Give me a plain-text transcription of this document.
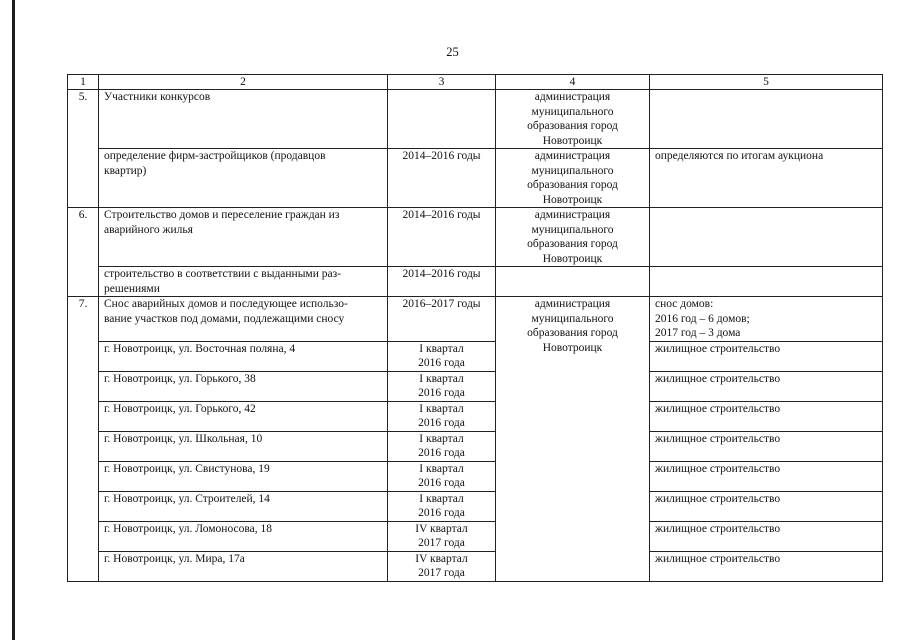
25
1	2	3	4	5
5.	Участники конкурсов		администрация
муниципального
образования город
Новотроицк	

	определение фирм-застройщиков (продавцов
квартир)	2014–2016 годы	администрация
муниципального
образования город
Новотроицк	определяются по итогам аукциона
6.	Строительство домов и переселение граждан из
аварийного жилья	2014–2016 годы	администрация
муниципального
образования город
Новотроицк	

	строительство в соответствии с выданными раз-
решениями	2014–2016 годы		
7.	Снос аварийных домов и последующее использо-
вание участков под домами, подлежащими сносу	2016–2017 годы	администрация
муниципального
образования город
Новотроицк	снос домов:
2016 год – 6 домов;
2017 год – 3 дома

	г. Новотроицк, ул. Восточная поляна, 4	I квартал
2016 года		жилищное строительство
	г. Новотроицк, ул. Горького, 38	I квартал
2016 года		жилищное строительство
	г. Новотроицк, ул. Горького, 42	I квартал
2016 года		жилищное строительство
	г. Новотроицк, ул. Школьная, 10	I квартал
2016 года		жилищное строительство
	г. Новотроицк, ул. Свистунова, 19	I квартал
2016 года		жилищное строительство
	г. Новотроицк, ул. Строителей, 14	I квартал
2016 года		жилищное строительство
	г. Новотроицк, ул. Ломоносова, 18	IV квартал
2017 года		жилищное строительство
	г. Новотроицк, ул. Мира, 17а	IV квартал
2017 года		жилищное строительство
